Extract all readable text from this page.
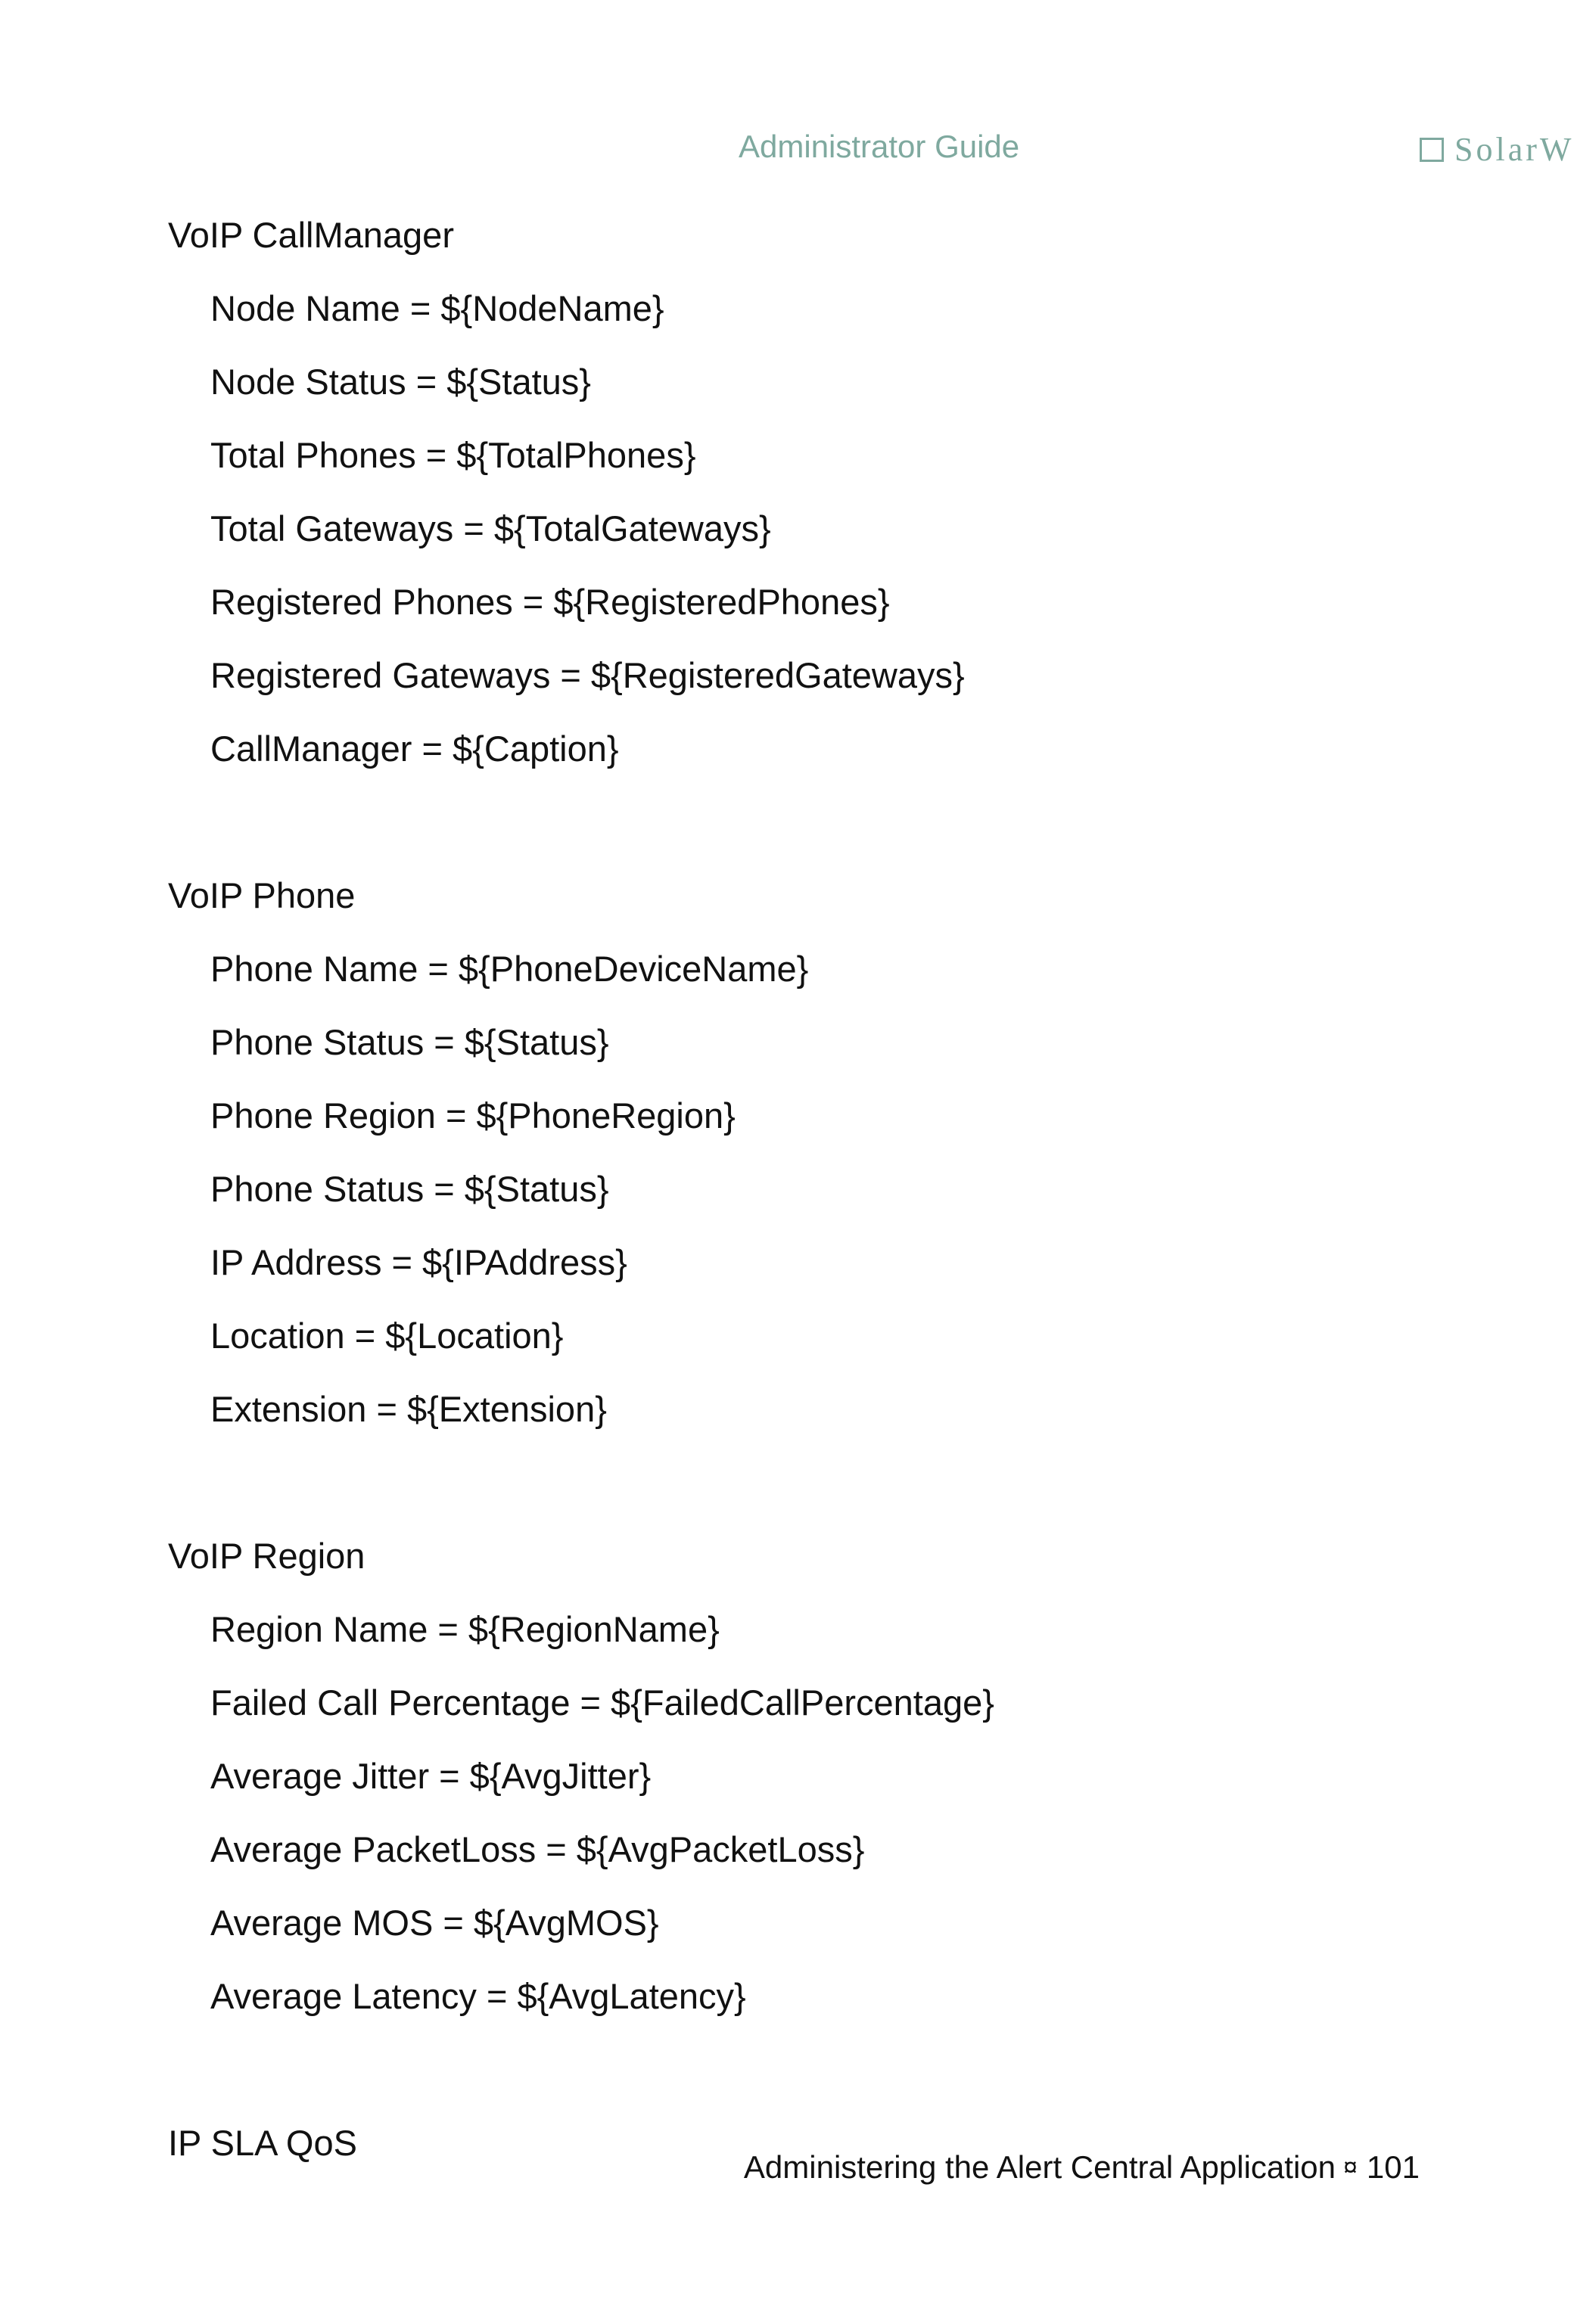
Administrator Guide	SolarW
VoIP CallManager
Node Name = ${NodeName}
Node Status = ${Status}
Total Phones = ${TotalPhones}
Total Gateways = ${TotalGateways}
Registered Phones = ${RegisteredPhones}
Registered Gateways = ${RegisteredGateways}
CallManager = ${Caption}
VoIP Phone
Phone Name = ${PhoneDeviceName}
Phone Status = ${Status}
Phone Region = ${PhoneRegion}
Phone Status = ${Status}
IP Address = ${IPAddress}
Location = ${Location}
Extension = ${Extension}
VoIP Region
Region Name = ${RegionName}
Failed Call Percentage = ${FailedCallPercentage}
Average Jitter = ${AvgJitter}
Average PacketLoss = ${AvgPacketLoss}
Average MOS = ${AvgMOS}
Average Latency = ${AvgLatency}
IP SLA QoS
Administering the Alert Central Application ¤ 101
